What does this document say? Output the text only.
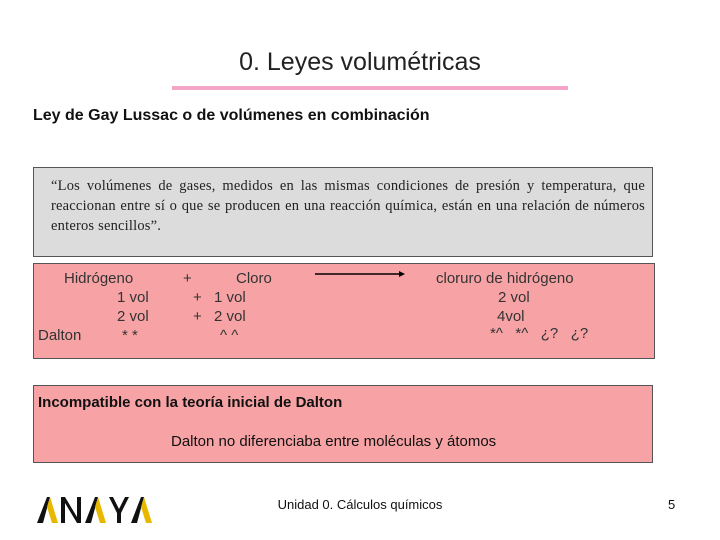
0. Leyes volumétricas
Ley de Gay Lussac o de volúmenes en combinación
“Los volúmenes de gases, medidos en las mismas condiciones de presión y temperatura, que reaccionan entre sí o que se producen en una reacción química, están en una relación de números enteros sencillos”.
Hidrógeno	+	Cloro	cloruro de hidrógeno
1 vol	+ 1 vol	2 vol
2 vol	+ 2 vol	4vol
Dalton	* *	^ ^	*^   *^   ¿?   ¿?
Incompatible con la teoría inicial de Dalton
Dalton no diferenciaba entre moléculas y átomos
Unidad 0. Cálculos químicos	5
